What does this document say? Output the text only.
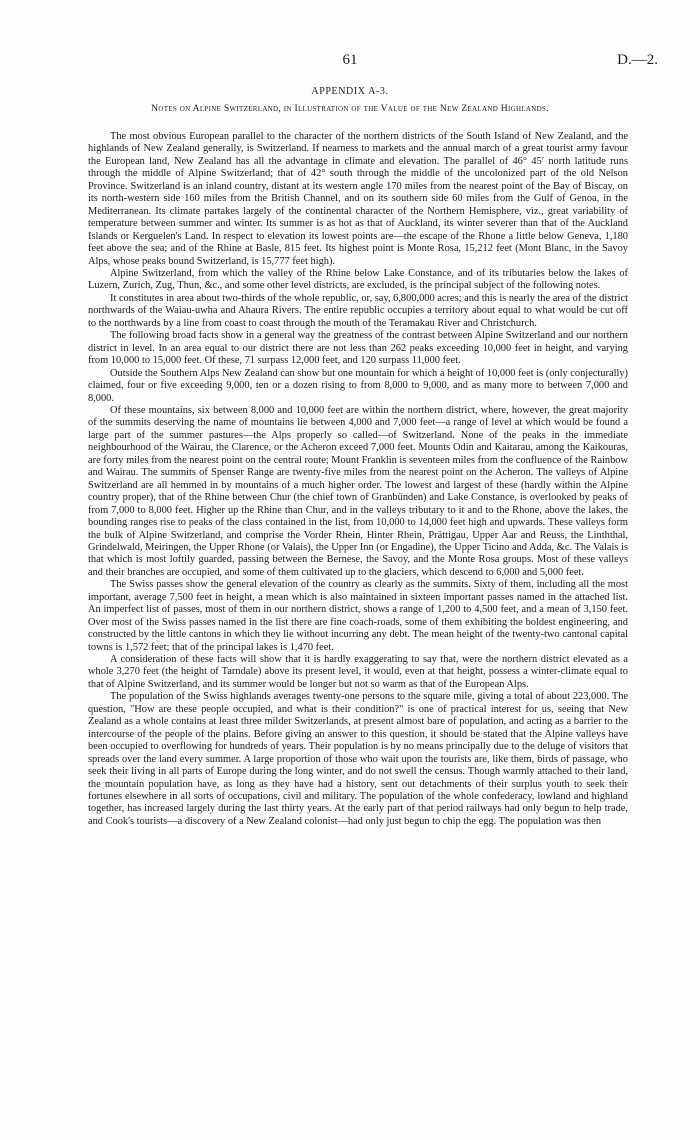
61	D.—2.
APPENDIX A-3.
Notes on Alpine Switzerland, in Illustration of the Value of the New Zealand Highlands.

The most obvious European parallel to the character of the northern districts of the South Island of New Zealand, and the highlands of New Zealand generally, is Switzerland. If nearness to markets and the annual march of a great tourist army favour the European land, New Zealand has all the advantage in climate and elevation. The parallel of 46° 45′ north latitude runs through the middle of Alpine Switzerland; that of 42° south through the middle of the uncolonized part of the old Nelson Province. Switzerland is an inland country, distant at its western angle 170 miles from the nearest point of the Bay of Biscay, on its north-western side 160 miles from the British Channel, and on its southern side 60 miles from the Gulf of Genoa, in the Mediterranean. Its climate partakes largely of the continental character of the Northern Hemisphere, viz., great variability of temperature between summer and winter. Its summer is as hot as that of Auckland, its winter severer than that of the Auckland Islands or Kerguelen's Land. In respect to elevation its lowest points are—the escape of the Rhone a little below Geneva, 1,180 feet above the sea; and of the Rhine at Basle, 815 feet. Its highest point is Monte Rosa, 15,212 feet (Mont Blanc, in the Savoy Alps, whose peaks bound Switzerland, is 15,777 feet high).

Alpine Switzerland, from which the valley of the Rhine below Lake Constance, and of its tributaries below the lakes of Luzern, Zurich, Zug, Thun, &c., and some other level districts, are excluded, is the principal subject of the following notes.

It constitutes in area about two-thirds of the whole republic, or, say, 6,800,000 acres; and this is nearly the area of the district northwards of the Waiau-uwha and Ahaura Rivers. The entire republic occupies a territory about equal to what would be cut off to the northwards by a line from coast to coast through the mouth of the Teramakau River and Christchurch.

The following broad facts show in a general way the greatness of the contrast between Alpine Switzerland and our northern district in level. In an area equal to our district there are not less than 262 peaks exceeding 10,000 feet in height, and varying from 10,000 to 15,000 feet. Of these, 71 surpass 12,000 feet, and 120 surpass 11,000 feet.

Outside the Southern Alps New Zealand can show but one mountain for which a height of 10,000 feet is (only conjecturally) claimed, four or five exceeding 9,000, ten or a dozen rising to from 8,000 to 9,000, and as many more to between 7,000 and 8,000.

Of these mountains, six between 8,000 and 10,000 feet are within the northern district, where, however, the great majority of the summits deserving the name of mountains lie between 4,000 and 7,000 feet—a range of level at which would be found a large part of the summer pastures—the Alps properly so called—of Switzerland. None of the peaks in the immediate neighbourhood of the Wairau, the Clarence, or the Acheron exceed 7,000 feet. Mounts Odin and Kaitarau, among the Kaikouras, are forty miles from the nearest point on the central route; Mount Franklin is seventeen miles from the confluence of the Rainbow and Wairau. The summits of Spenser Range are twenty-five miles from the nearest point on the Acheron. The valleys of Alpine Switzerland are all hemmed in by mountains of a much higher order. The lowest and largest of these (hardly within the Alpine country proper), that of the Rhine between Chur (the chief town of Granbünden) and Lake Constance, is overlooked by peaks of from 7,000 to 8,000 feet. Higher up the Rhine than Chur, and in the valleys tributary to it and to the Rhone, above the lakes, the bounding ranges rise to peaks of the class contained in the list, from 10,000 to 14,000 feet high and upwards. These valleys form the bulk of Alpine Switzerland, and comprise the Vorder Rhein, Hinter Rhein, Prättigau, Upper Aar and Reuss, the Linththal, Grindelwald, Meiringen, the Upper Rhone (or Valais), the Upper Inn (or Engadine), the Upper Ticino and Adda, &c. The Valais is that which is most loftily guarded, passing between the Bernese, the Savoy, and the Monte Rosa groups. Most of these valleys and their branches are occupied, and some of them cultivated up to the glaciers, which descend to 6,000 and 5,000 feet.

The Swiss passes show the general elevation of the country as clearly as the summits. Sixty of them, including all the most important, average 7,500 feet in height, a mean which is also maintained in sixteen important passes named in the attached list. An imperfect list of passes, most of them in our northern district, shows a range of 1,200 to 4,500 feet, and a mean of 3,150 feet. Over most of the Swiss passes named in the list there are fine coach-roads, some of them exhibiting the boldest engineering, and constructed by the little cantons in which they lie without incurring any debt. The mean height of the twenty-two cantonal capital towns is 1,572 feet; that of the principal lakes is 1,470 feet.

A consideration of these facts will show that it is hardly exaggerating to say that, were the northern district elevated as a whole 3,270 feet (the height of Tarndale) above its present level, it would, even at that height, possess a winter-climate equal to that of Alpine Switzerland, and its summer would be longer but not so warm as that of the European Alps.

The population of the Swiss highlands averages twenty-one persons to the square mile, giving a total of about 223,000. The question, "How are these people occupied, and what is their condition?" is one of practical interest for us, seeing that New Zealand as a whole contains at least three milder Switzerlands, at present almost bare of population, and acting as a barrier to the intercourse of the people of the plains. Before giving an answer to this question, it should be stated that the Alpine valleys have been occupied to overflowing for hundreds of years. Their population is by no means principally due to the deluge of visitors that spreads over the land every summer. A large proportion of those who wait upon the tourists are, like them, birds of passage, who seek their living in all parts of Europe during the long winter, and do not swell the census. Though warmly attached to their land, the mountain population have, as long as they have had a history, sent out detachments of their surplus youth to seek their fortunes elsewhere in all sorts of occupations, civil and military. The population of the whole confederacy, lowland and highland together, has increased largely during the last thirty years. At the early part of that period railways had only begun to help trade, and Cook's tourists—a discovery of a New Zealand colonist—had only just begun to chip the egg. The population was then
